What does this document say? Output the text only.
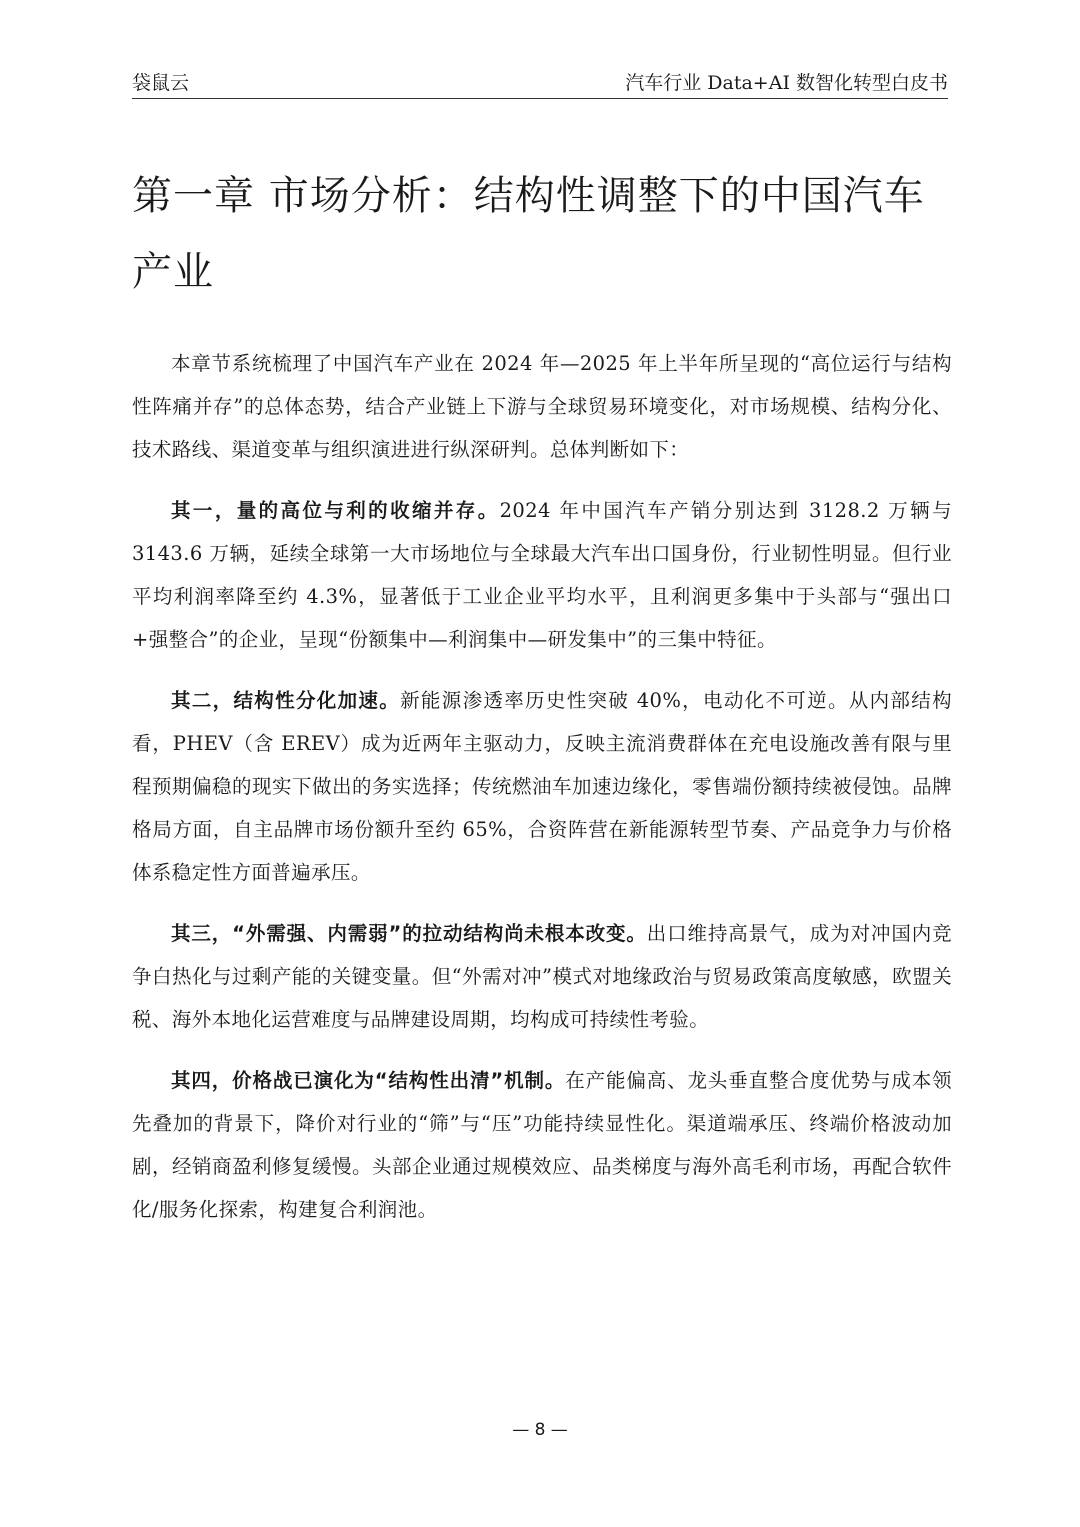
袋鼠云	汽车行业 Data+AI 数智化转型白皮书
第一章 市场分析：结构性调整下的中国汽车产业

本章节系统梳理了中国汽车产业在 2024 年—2025 年上半年所呈现的“高位运行与结构性阵痛并存”的总体态势，结合产业链上下游与全球贸易环境变化，对市场规模、结构分化、技术路线、渠道变革与组织演进进行纵深研判。总体判断如下：

其一，量的高位与利的收缩并存。2024 年中国汽车产销分别达到 3128.2 万辆与 3143.6 万辆，延续全球第一大市场地位与全球最大汽车出口国身份，行业韧性明显。但行业平均利润率降至约 4.3%，显著低于工业企业平均水平，且利润更多集中于头部与“强出口+强整合”的企业，呈现“份额集中—利润集中—研发集中”的三集中特征。

其二，结构性分化加速。新能源渗透率历史性突破 40%，电动化不可逆。从内部结构看，PHEV（含 EREV）成为近两年主驱动力，反映主流消费群体在充电设施改善有限与里程预期偏稳的现实下做出的务实选择；传统燃油车加速边缘化，零售端份额持续被侵蚀。品牌格局方面，自主品牌市场份额升至约 65%，合资阵营在新能源转型节奏、产品竞争力与价格体系稳定性方面普遍承压。

其三，“外需强、内需弱”的拉动结构尚未根本改变。出口维持高景气，成为对冲国内竞争白热化与过剩产能的关键变量。但“外需对冲”模式对地缘政治与贸易政策高度敏感，欧盟关税、海外本地化运营难度与品牌建设周期，均构成可持续性考验。

其四，价格战已演化为“结构性出清”机制。在产能偏高、龙头垂直整合度优势与成本领先叠加的背景下，降价对行业的“筛”与“压”功能持续显性化。渠道端承压、终端价格波动加剧，经销商盈利修复缓慢。头部企业通过规模效应、品类梯度与海外高毛利市场，再配合软件化/服务化探索，构建复合利润池。

— 8 —
